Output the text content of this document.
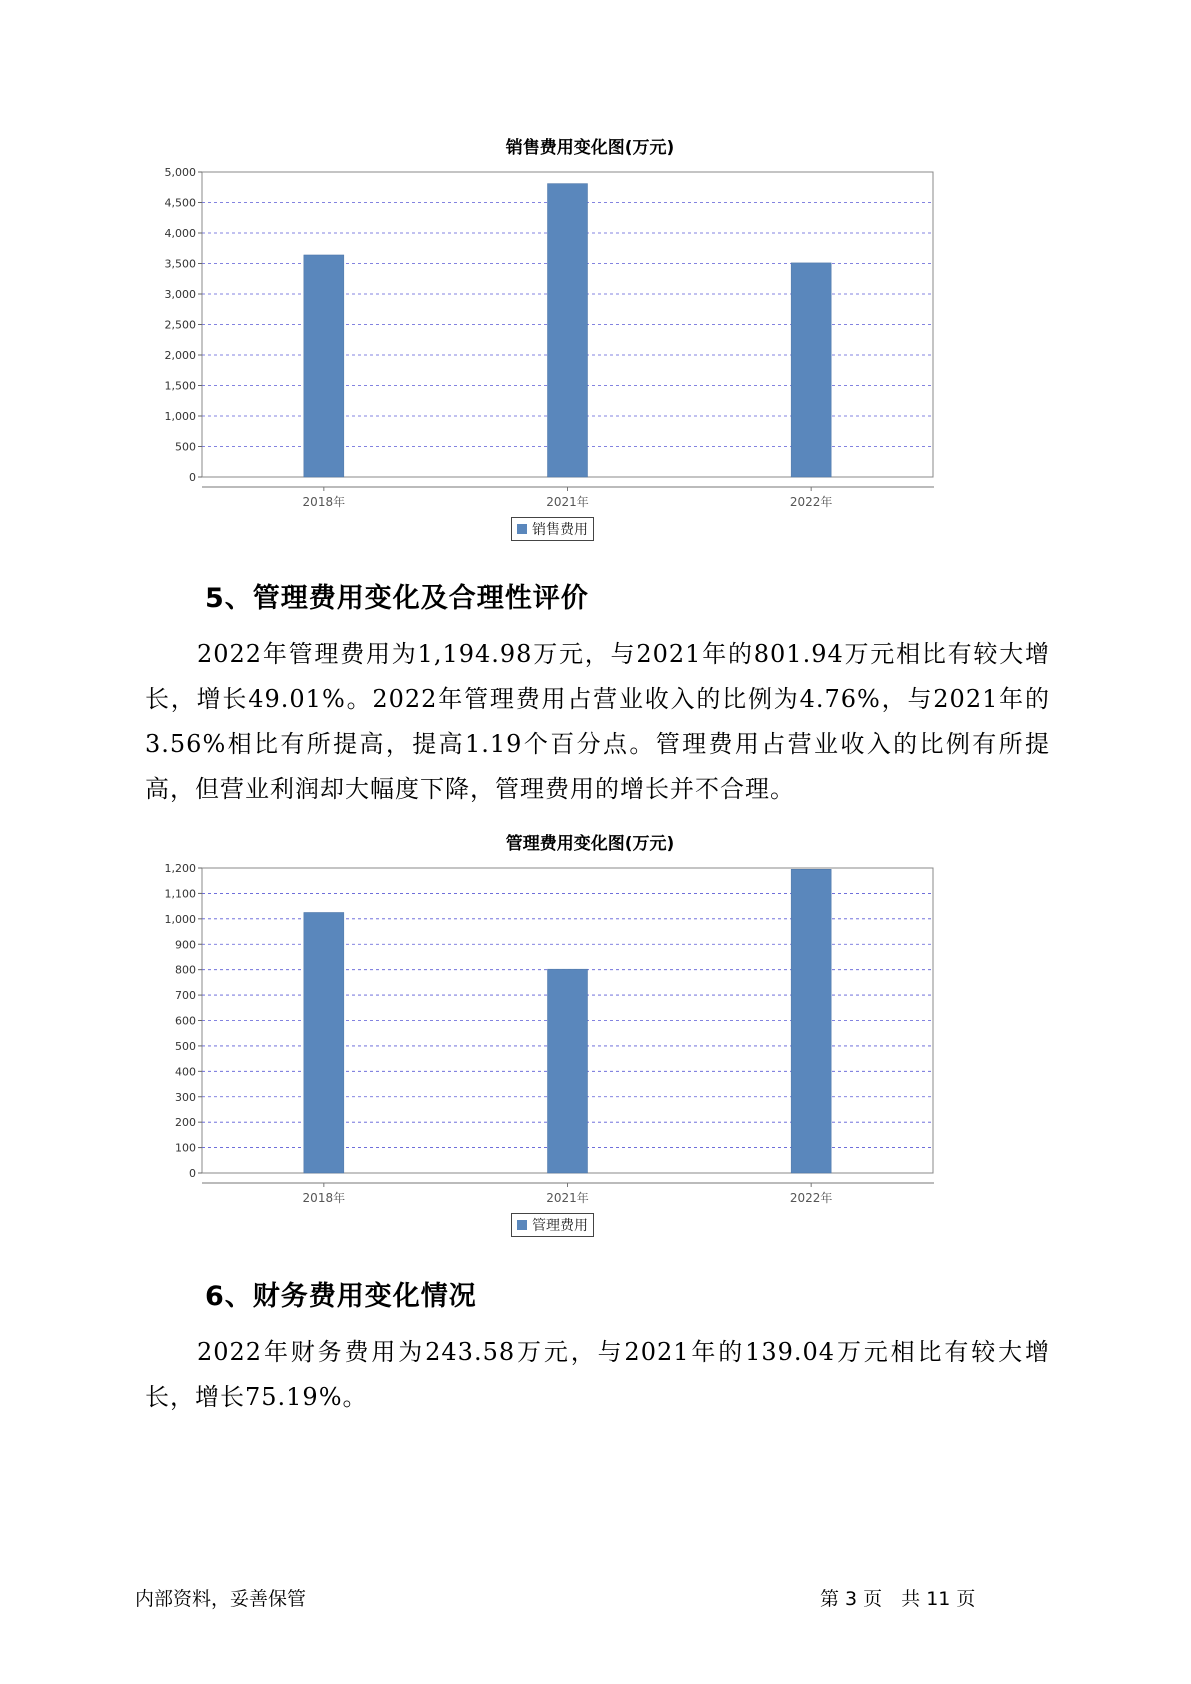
销售费用变化图(万元)
0
500
1,000
1,500
2,000
2,500
3,000
3,500
4,000
4,500
5,000
2018年	2021年	2022年
销售费用
5、管理费用变化及合理性评价

2022年管理费用为1,194.98万元，与2021年的801.94万元相比有较大增长，增长49.01%。2022年管理费用占营业收入的比例为4.76%，与2021年的3.56%相比有所提高，提高1.19个百分点。管理费用占营业收入的比例有所提高，但营业利润却大幅度下降，管理费用的增长并不合理。

管理费用变化图(万元)
0
100
200
300
400
500
600
700
800
900
1,000
1,100
1,200
2018年	2021年	2022年
管理费用
6、财务费用变化情况

2022年财务费用为243.58万元，与2021年的139.04万元相比有较大增长，增长75.19%。

内部资料，妥善保管	第 3 页　共 11 页
